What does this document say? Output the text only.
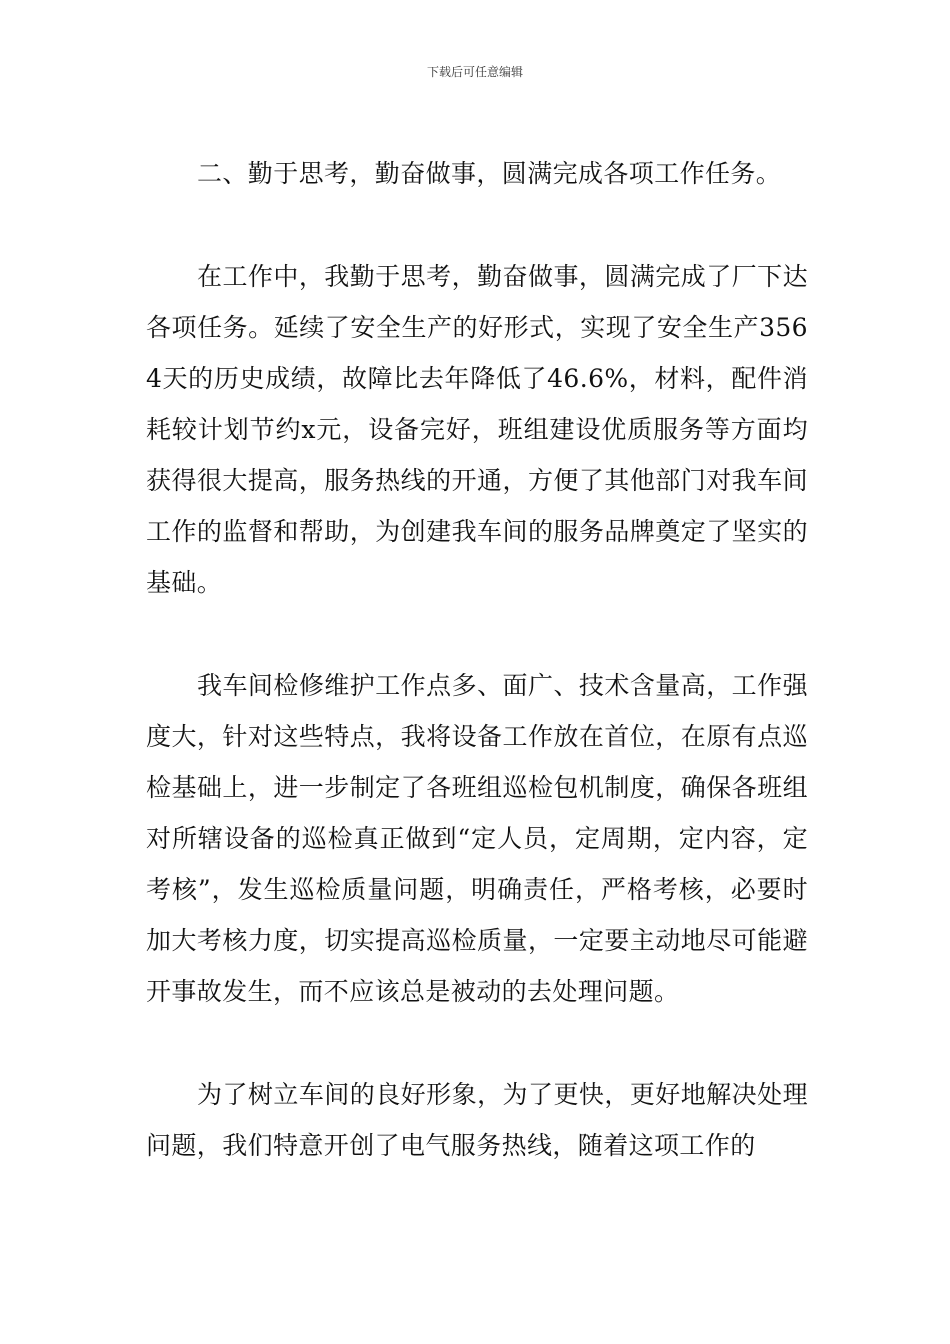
下载后可任意编辑

二、勤于思考，勤奋做事，圆满完成各项工作任务。

在工作中，我勤于思考，勤奋做事，圆满完成了厂下达各项任务。延续了安全生产的好形式，实现了安全生产3564天的历史成绩，故障比去年降低了46.6%，材料，配件消耗较计划节约x元，设备完好，班组建设优质服务等方面均获得很大提高，服务热线的开通，方便了其他部门对我车间工作的监督和帮助，为创建我车间的服务品牌奠定了坚实的基础。

我车间检修维护工作点多、面广、技术含量高，工作强度大，针对这些特点，我将设备工作放在首位，在原有点巡检基础上，进一步制定了各班组巡检包机制度，确保各班组对所辖设备的巡检真正做到“定人员，定周期，定内容，定考核”，发生巡检质量问题，明确责任，严格考核，必要时加大考核力度，切实提高巡检质量，一定要主动地尽可能避开事故发生，而不应该总是被动的去处理问题。

为了树立车间的良好形象，为了更快，更好地解决处理问题，我们特意开创了电气服务热线，随着这项工作的
